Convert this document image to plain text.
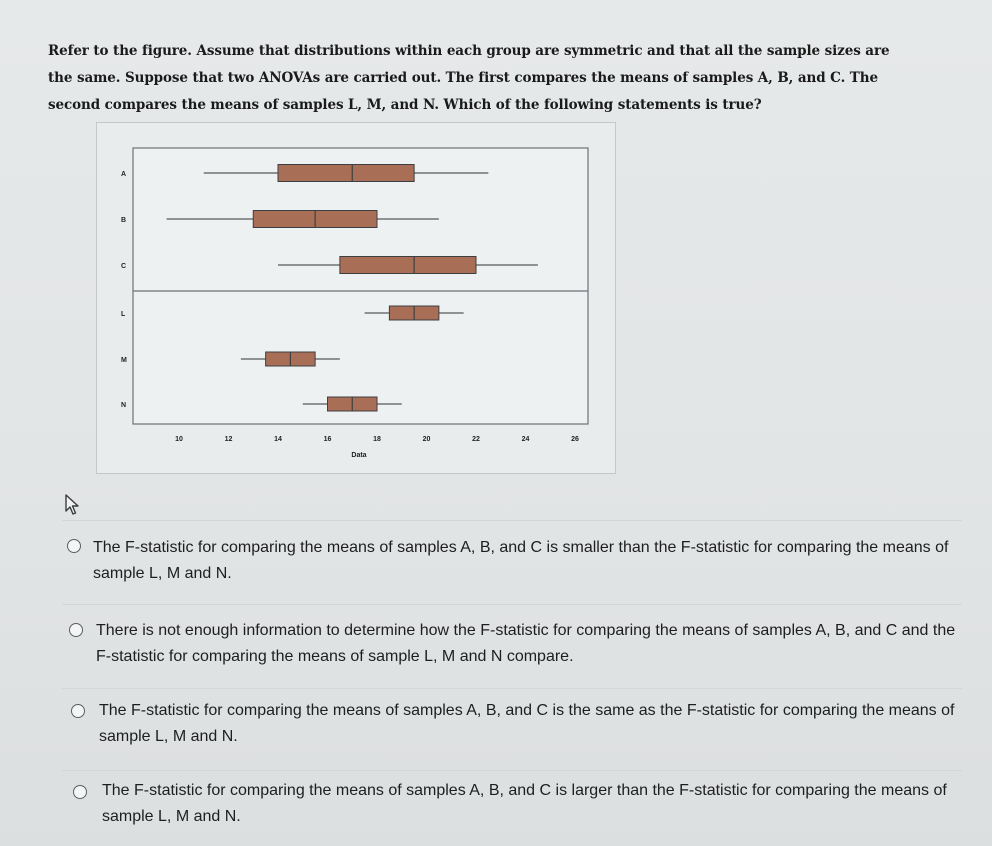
Refer to the figure. Assume that distributions within each group are symmetric and that all the sample sizes are
the same. Suppose that two ANOVAs are carried out. The first compares the means of samples A, B, and C. The
second compares the means of samples L, M, and N. Which of the following statements is true?
A
B
C
L
M
N
10	12	14	16	18	20	22	24	26
Data
The F-statistic for comparing the means of samples A, B, and C is smaller than the F-statistic for comparing the means of sample L, M and N.
There is not enough information to determine how the F-statistic for comparing the means of samples A, B, and C and the F-statistic for comparing the means of sample L, M and N compare.
The F-statistic for comparing the means of samples A, B, and C is the same as the F-statistic for comparing the means of sample L, M and N.
The F-statistic for comparing the means of samples A, B, and C is larger than the F-statistic for comparing the means of sample L, M and N.
